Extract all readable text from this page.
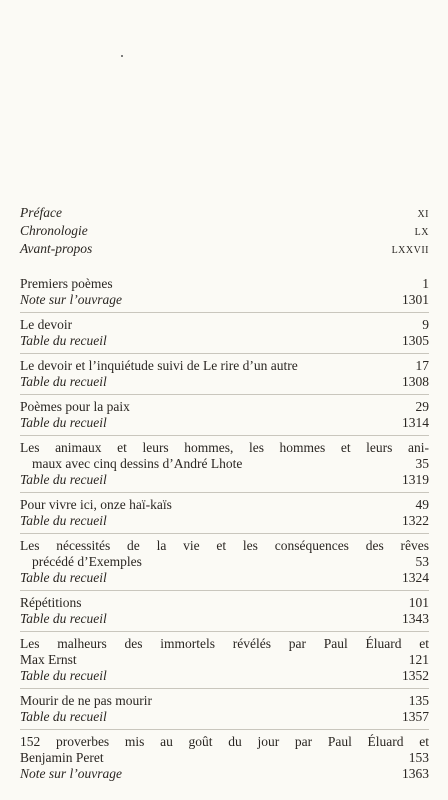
Préface	XI
Chronologie	LX
Avant-propos	LXXVII
Premiers poèmes	1
Note sur l’ouvrage	1301
Le devoir	9
Table du recueil	1305
Le devoir et l’inquiétude suivi de Le rire d’un autre	17
Table du recueil	1308
Poèmes pour la paix	29
Table du recueil	1314
Les animaux et leurs hommes, les hommes et leurs ani-
maux avec cinq dessins d’André Lhote	35
Table du recueil	1319
Pour vivre ici, onze haï-kaïs	49
Table du recueil	1322
Les nécessités de la vie et les conséquences des rêves
précédé d’Exemples	53
Table du recueil	1324
Répétitions	101
Table du recueil	1343
Les malheurs des immortels révélés par Paul Éluard et
Max Ernst	121
Table du recueil	1352
Mourir de ne pas mourir	135
Table du recueil	1357
152 proverbes mis au goût du jour par Paul Éluard et
Benjamin Peret	153
Note sur l’ouvrage	1363
